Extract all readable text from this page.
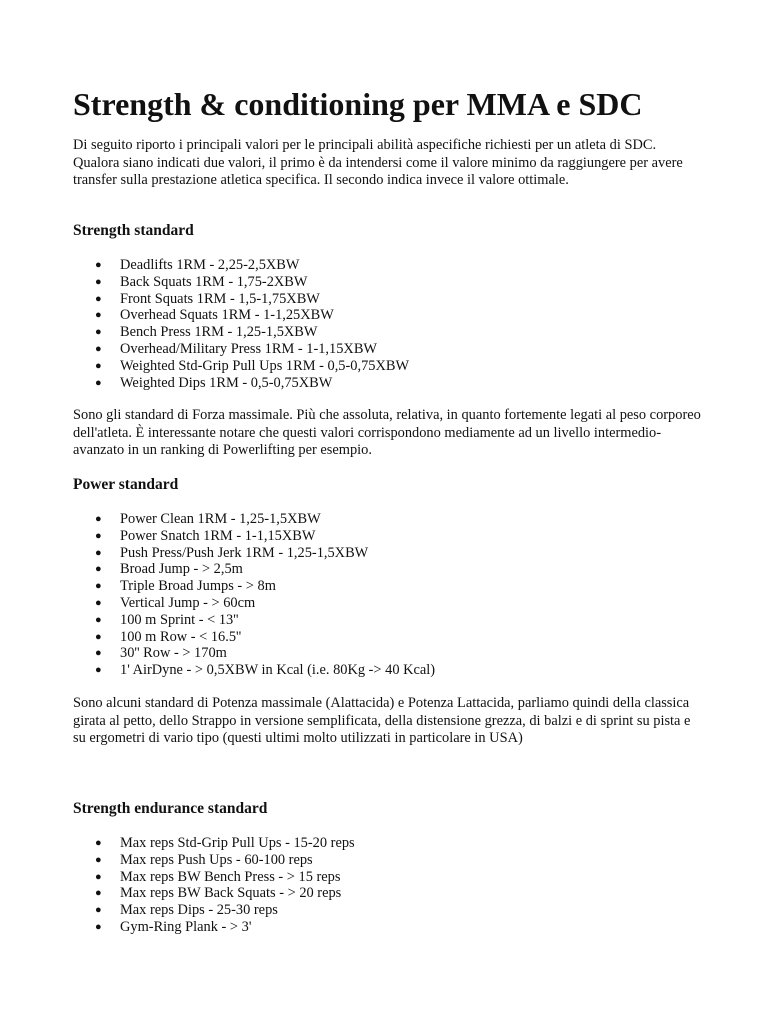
Strength & conditioning per MMA e SDC

Di seguito riporto i principali valori per le principali abilità aspecifiche richiesti per un atleta di SDC. Qualora siano indicati due valori, il primo è da intendersi come il valore minimo da raggiungere per avere transfer sulla prestazione atletica specifica. Il secondo indica invece il valore ottimale.

Strength standard
● Deadlifts 1RM - 2,25-2,5XBW
● Back Squats 1RM - 1,75-2XBW
● Front Squats 1RM - 1,5-1,75XBW
● Overhead Squats 1RM - 1-1,25XBW
● Bench Press 1RM - 1,25-1,5XBW
● Overhead/Military Press 1RM - 1-1,15XBW
● Weighted Std-Grip Pull Ups 1RM - 0,5-0,75XBW
● Weighted Dips 1RM - 0,5-0,75XBW

Sono gli standard di Forza massimale. Più che assoluta, relativa, in quanto fortemente legati al peso corporeo dell'atleta. È interessante notare che questi valori corrispondono mediamente ad un livello intermedio-avanzato in un ranking di Powerlifting per esempio.

Power standard
● Power Clean 1RM - 1,25-1,5XBW
● Power Snatch 1RM - 1-1,15XBW
● Push Press/Push Jerk 1RM - 1,25-1,5XBW
● Broad Jump - > 2,5m
● Triple Broad Jumps - > 8m
● Vertical Jump - > 60cm
● 100 m Sprint - < 13''
● 100 m Row - < 16.5''
● 30'' Row - > 170m
● 1' AirDyne - > 0,5XBW in Kcal (i.e. 80Kg -> 40 Kcal)

Sono alcuni standard di Potenza massimale (Alattacida) e Potenza Lattacida, parliamo quindi della classica girata al petto, dello Strappo in versione semplificata, della distensione grezza, di balzi e di sprint su pista e su ergometri di vario tipo (questi ultimi molto utilizzati in particolare in USA)

Strength endurance standard
● Max reps Std-Grip Pull Ups - 15-20 reps
● Max reps Push Ups - 60-100 reps
● Max reps BW Bench Press - > 15 reps
● Max reps BW Back Squats - > 20 reps
● Max reps Dips - 25-30 reps
● Gym-Ring Plank - > 3'
